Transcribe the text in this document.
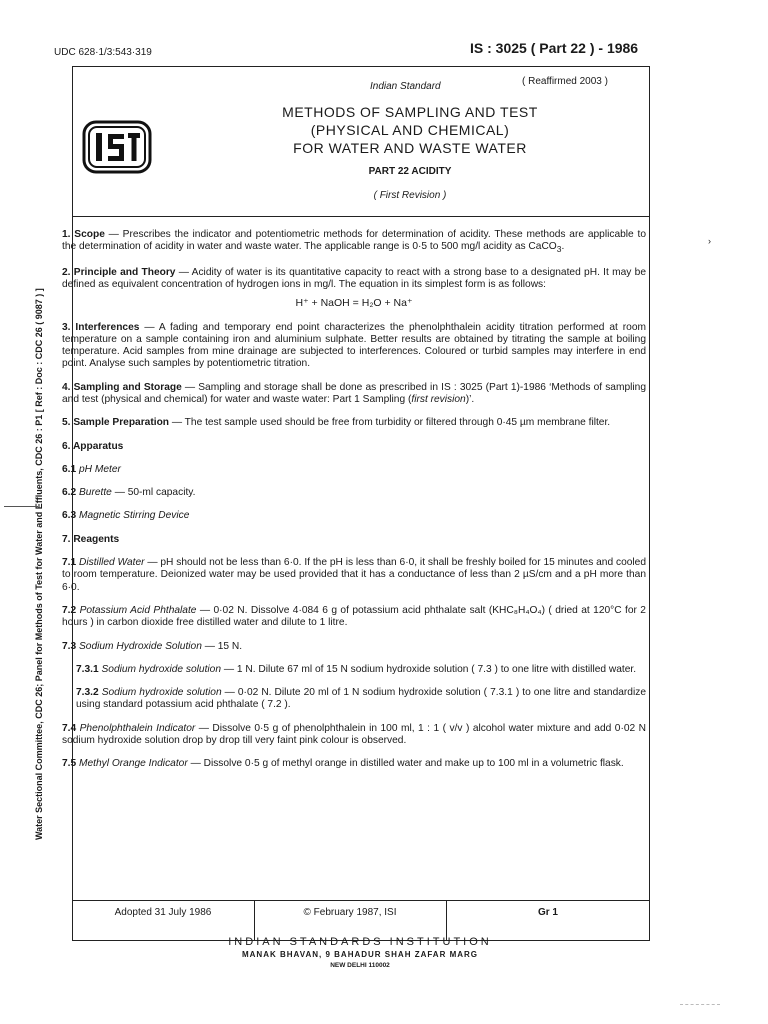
UDC 628·1/3:543·319	IS : 3025 ( Part 22 ) - 1986
Indian Standard	( Reaffirmed 2003 )
METHODS OF SAMPLING AND TEST
(PHYSICAL AND CHEMICAL)
FOR WATER AND WASTE WATER
PART 22 ACIDITY
( First Revision )
Water Sectional Committee, CDC 26; Panel for Methods of Test for Water and Effluents, CDC 26 : P1 [ Ref : Doc : CDC 26 ( 9087 ) ]
›

1. Scope — Prescribes the indicator and potentiometric methods for determination of acidity. These methods are applicable to the determination of acidity in water and waste water. The applicable range is 0·5 to 500 mg/l acidity as CaCO$_3$.

2. Principle and Theory — Acidity of water is its quantitative capacity to react with a strong base to a designated pH. It may be defined as equivalent concentration of hydrogen ions in mg/l. The equation in its simplest form is as follows:

H⁺ + NaOH = H₂O + Na⁺

3. Interferences — A fading and temporary end point characterizes the phenolphthalein acidity titration performed at room temperature on a sample containing iron and aluminium sulphate. Better results are obtained by titrating the sample at boiling temperature. Acid samples from mine drainage are subjected to interferences. Coloured or turbid samples may interfere in end point. Analyse such samples by potentiometric titration.

4. Sampling and Storage — Sampling and storage shall be done as prescribed in IS : 3025 (Part 1)-1986 ‘Methods of sampling and test (physical and chemical) for water and waste water: Part 1 Sampling (first revision)’.

5. Sample Preparation — The test sample used should be free from turbidity or filtered through 0·45 µm membrane filter.

6. Apparatus

6.1 pH Meter

6.2 Burette — 50-ml capacity.

6.3 Magnetic Stirring Device

7. Reagents

7.1 Distilled Water — pH should not be less than 6·0. If the pH is less than 6·0, it shall be freshly boiled for 15 minutes and cooled to room temperature. Deionized water may be used provided that it has a conductance of less than 2 µS/cm and a pH more than 6·0.

7.2 Potassium Acid Phthalate — 0·02 N. Dissolve 4·084 6 g of potassium acid phthalate salt (KHC₈H₄O₄) ( dried at 120°C for 2 hours ) in carbon dioxide free distilled water and dilute to 1 litre.

7.3 Sodium Hydroxide Solution — 15 N.

7.3.1 Sodium hydroxide solution — 1 N. Dilute 67 ml of 15 N sodium hydroxide solution ( 7.3 ) to one litre with distilled water.

7.3.2 Sodium hydroxide solution — 0·02 N. Dilute 20 ml of 1 N sodium hydroxide solution ( 7.3.1 ) to one litre and standardize using standard potassium acid phthalate ( 7.2 ).

7.4 Phenolphthalein Indicator — Dissolve 0·5 g of phenolphthalein in 100 ml, 1 : 1 ( v/v ) alcohol water mixture and add 0·02 N sodium hydroxide solution drop by drop till very faint pink colour is observed.

7.5 Methyl Orange Indicator — Dissolve 0·5 g of methyl orange in distilled water and make up to 100 ml in a volumetric flask.

Adopted 31 July 1986	© February 1987, ISI	Gr 1
INDIAN STANDARDS INSTITUTION
MANAK BHAVAN, 9 BAHADUR SHAH ZAFAR MARG
NEW DELHI 110002
